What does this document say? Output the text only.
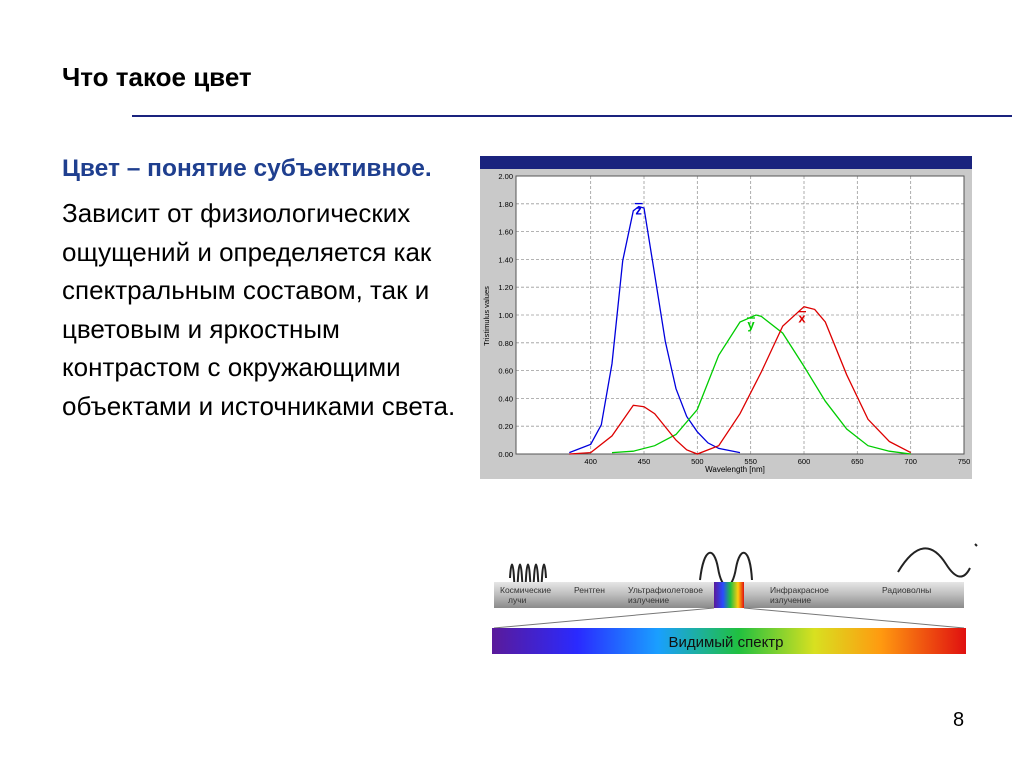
Что такое цвет

Цвет – понятие субъективное.

Зависит от физиологических ощущений и определяется как спектральным составом, так и цветовым и яркостным контрастом с окружающими объектами и источниками света.

0.00
0.20
0.40
0.60
0.80
1.00
1.20
1.40
1.60
1.80
2.00
400	450	500	550	600	650	700	750
z
y	x
Wavelength [nm]
Tristimulus values
Космические лучи
Рентген	Ультрафиолетовое излучение
Инфракрасное излучение
Радиоволны
Видимый спектр
8
